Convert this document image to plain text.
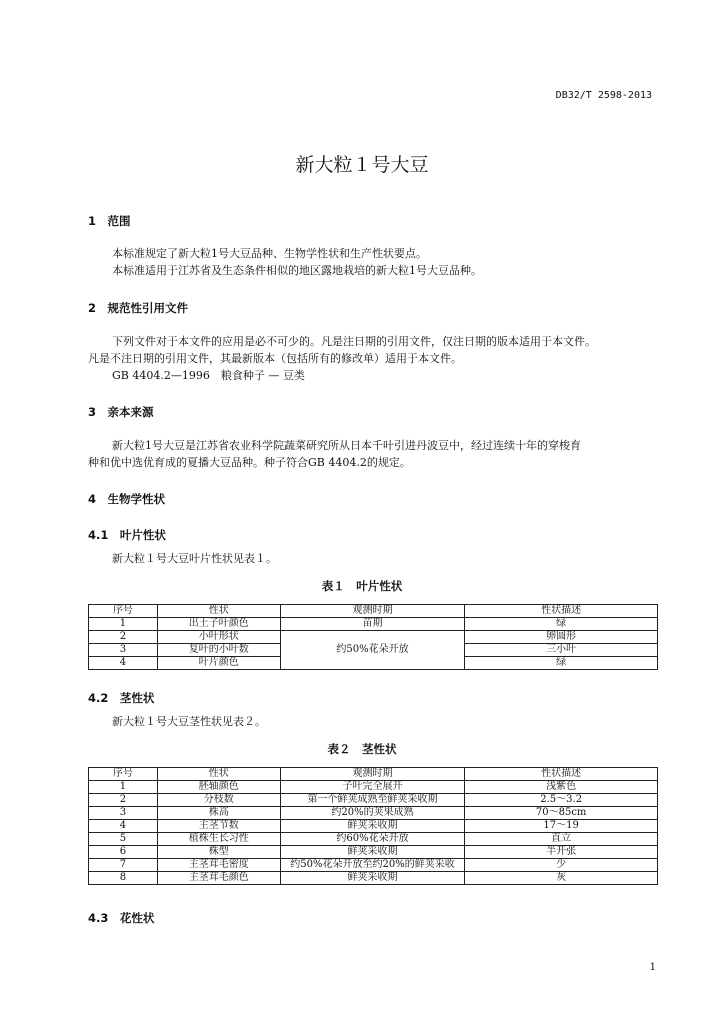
DB32/T 2598-2013
新大粒１号大豆
1　范围
本标准规定了新大粒1号大豆品种、生物学性状和生产性状要点。
本标准适用于江苏省及生态条件相似的地区露地栽培的新大粒1号大豆品种。
2　规范性引用文件
下列文件对于本文件的应用是必不可少的。凡是注日期的引用文件，仅注日期的版本适用于本文件。
凡是不注日期的引用文件，其最新版本（包括所有的修改单）适用于本文件。
GB 4404.2—1996　粮食种子 — 豆类
3　亲本来源
新大粒1号大豆是江苏省农业科学院蔬菜研究所从日本千叶引进丹波豆中，经过连续十年的穿梭育
种和优中选优育成的夏播大豆品种。种子符合GB 4404.2的规定。
4　生物学性状
4.1　叶片性状
新大粒１号大豆叶片性状见表１。
表１　叶片性状
序号	性状	观测时期	性状描述
1	出土子叶颜色	苗期	绿
2	小叶形状	约50%花朵开放	卵圆形
3	复叶的小叶数		三小叶
4	叶片颜色		绿
4.2　茎性状
新大粒１号大豆茎性状见表２。
表２　茎性状
序号	性状	观测时期	性状描述
1	胚轴颜色	子叶完全展开	浅紫色
2	分枝数	第一个鲜荚成熟至鲜荚采收期	2.5～3.2
3	株高	约20%的荚果成熟	70～85cm
4	主茎节数	鲜荚采收期	17～19
5	植株生长习性	约60%花朵开放	直立
6	株型	鲜荚采收期	半开张
7	主茎茸毛密度	约50%花朵开放至约20%的鲜荚采收	少
8	主茎茸毛颜色	鲜荚采收期	灰
4.3　花性状
1
